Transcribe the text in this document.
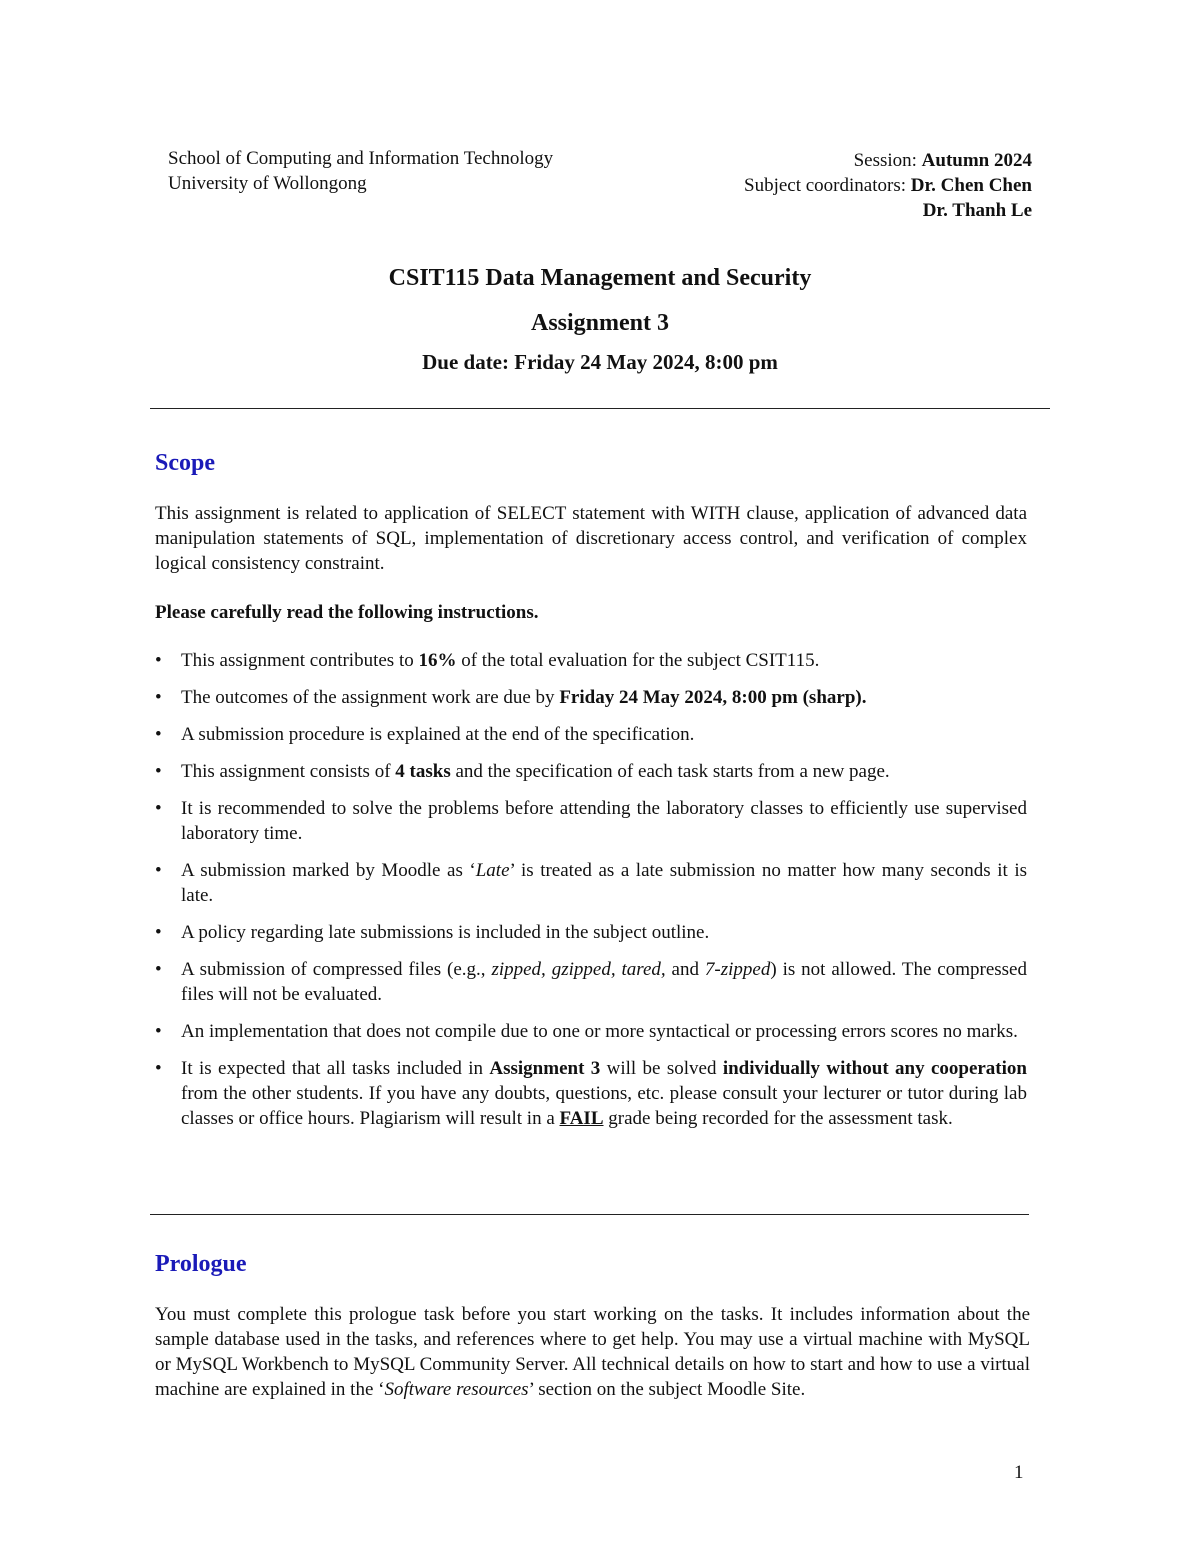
School of Computing and Information Technology
University of Wollongong
Session: Autumn 2024
Subject coordinators: Dr. Chen Chen
Dr. Thanh Le
CSIT115 Data Management and Security
Assignment 3
Due date: Friday 24 May 2024, 8:00 pm
Scope
This assignment is related to application of SELECT statement with WITH clause, application of advanced data manipulation statements of SQL, implementation of discretionary access control, and verification of complex logical consistency constraint.
Please carefully read the following instructions.
• This assignment contributes to 16% of the total evaluation for the subject CSIT115.
• The outcomes of the assignment work are due by Friday 24 May 2024, 8:00 pm (sharp).
• A submission procedure is explained at the end of the specification.
• This assignment consists of 4 tasks and the specification of each task starts from a new page.
• It is recommended to solve the problems before attending the laboratory classes to efficiently use supervised laboratory time.
• A submission marked by Moodle as ‘Late’ is treated as a late submission no matter how many seconds it is late.
• A policy regarding late submissions is included in the subject outline.
• A submission of compressed files (e.g., zipped, gzipped, tared, and 7-zipped) is not allowed. The compressed files will not be evaluated.
• An implementation that does not compile due to one or more syntactical or processing errors scores no marks.
• It is expected that all tasks included in Assignment 3 will be solved individually without any cooperation from the other students. If you have any doubts, questions, etc. please consult your lecturer or tutor during lab classes or office hours. Plagiarism will result in a FAIL grade being recorded for the assessment task.
Prologue
You must complete this prologue task before you start working on the tasks. It includes information about the sample database used in the tasks, and references where to get help. You may use a virtual machine with MySQL or MySQL Workbench to MySQL Community Server. All technical details on how to start and how to use a virtual machine are explained in the ‘Software resources’ section on the subject Moodle Site.
1
